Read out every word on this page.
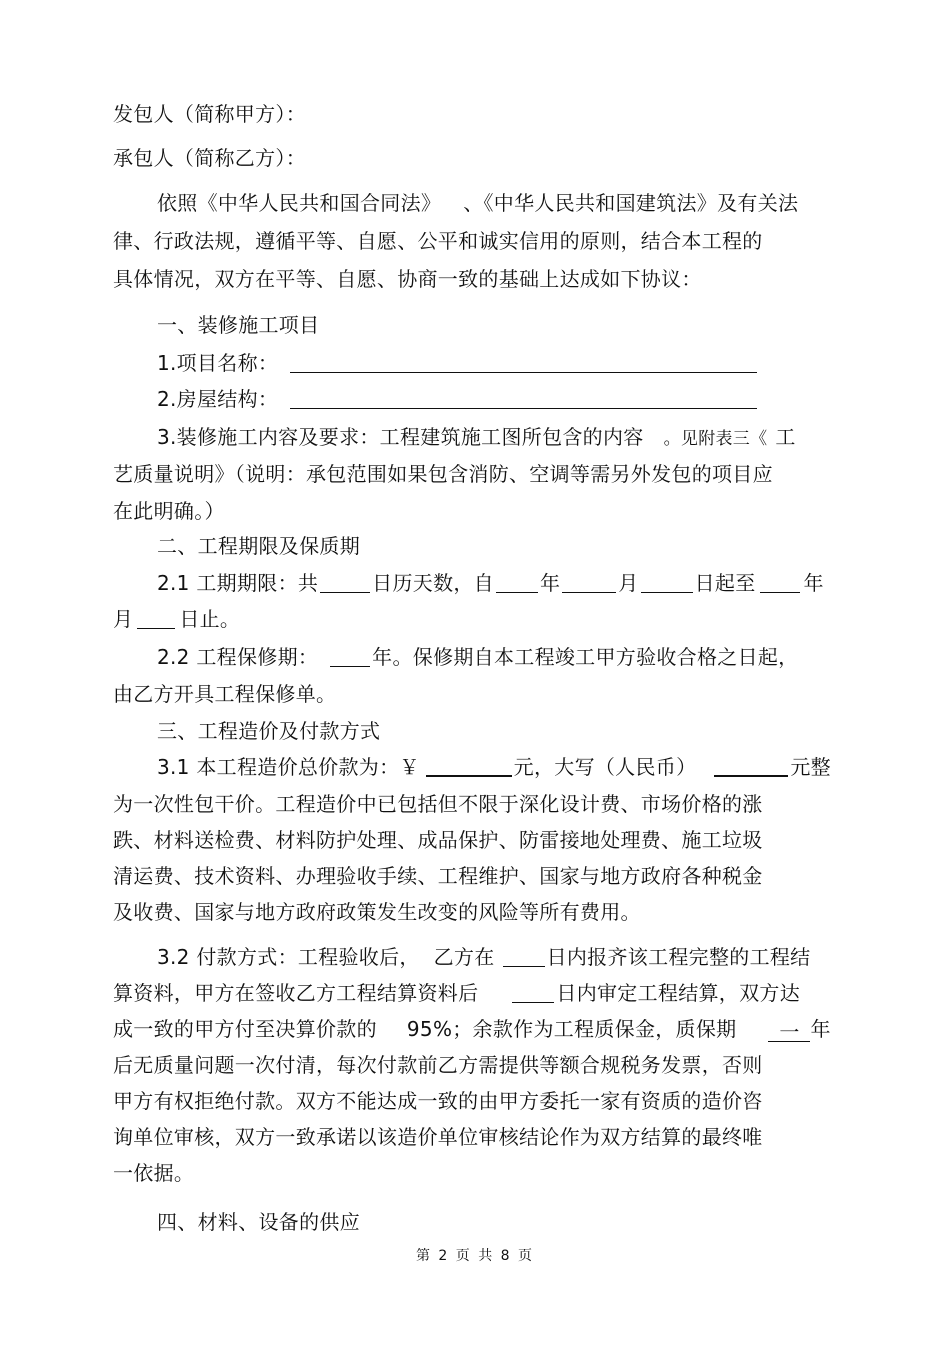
发包人（简称甲方）：
承包人（简称乙方）：
依照《中华人民共和国合同法》 、《中华人民共和国建筑法》及有关法
律、行政法规，遵循平等、自愿、公平和诚实信用的原则，结合本工程的
具体情况，双方在平等、自愿、协商一致的基础上达成如下协议：
一、装修施工项目
1.项目名称：
2.房屋结构：
3.装修施工内容及要求：工程建筑施工图所包含的内容 。见附表三《 工
艺质量说明》（说明：承包范围如果包含消防、空调等需另外发包的项目应
在此明确。）
二、工程期限及保质期
2.1 工期期限：共	日历天数，自 年	月	日起至 年
月 日止。
2.2 工程保修期：	年。保修期自本工程竣工甲方验收合格之日起，
由乙方开具工程保修单。
三、工程造价及付款方式
3.1 本工程造价总价款为：￥	元，大写（人民币）	元整
为一次性包干价。工程造价中已包括但不限于深化设计费、市场价格的涨
跌、材料送检费、材料防护处理、成品保护、防雷接地处理费、施工垃圾
清运费、技术资料、办理验收手续、工程维护、国家与地方政府各种税金
及收费、国家与地方政府政策发生改变的风险等所有费用。
3.2 付款方式：工程验收后， 乙方在	日内报齐该工程完整的工程结
算资料，甲方在签收乙方工程结算资料后	日内审定工程结算，双方达
成一致的甲方付至决算价款的 95%；余款作为工程质保金，质保期 一 年
后无质量问题一次付清，每次付款前乙方需提供等额合规税务发票，否则
甲方有权拒绝付款。双方不能达成一致的由甲方委托一家有资质的造价咨
询单位审核，双方一致承诺以该造价单位审核结论作为双方结算的最终唯
一依据。
四、材料、设备的供应
第 2 页 共 8 页
